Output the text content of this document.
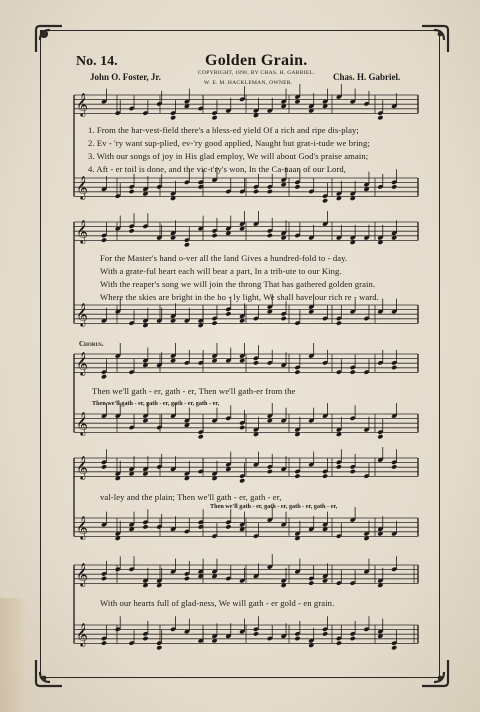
No. 14.	Golden Grain.
John O. Foster, Jr.	Chas. H. Gabriel.
COPYRIGHT, 1890, BY CHAS. H. GABRIEL.
W. E. M. HACKLEMAN, OWNER.
𝄞
𝄞
𝄞
𝄞
𝄞
𝄞
𝄞
𝄞
𝄞
𝄞
1. From the har-vest-field there's a bless-ed yield Of a rich and ripe dis-play;
2. Ev - 'ry want sup-plied, ev-'ry good applied, Naught but grat-i-tude we bring;
3. With our songs of joy in His glad employ, We will about God's praise amain;
4. Aft - er toil is done, and the vic-t'ry's won, In the Ca-naan of our Lord,
For the Master's hand o-ver all the land Gives a hundred-fold to - day.
With a grate-ful heart each will bear a part, In a trib-ute to our King.
With the reaper's song we will join the throng That has gathered golden grain.
Where the skies are bright in the ho - ly light, We shall have our rich re - ward.
Chorus.
Then we'll gath - er, gath - er, Then we'll gath-er from the
Then we'll gath - er, gath - er, gath - er, gath - er,
val-ley and the plain; Then we'll gath - er, gath - er,
Then we'll gath - er, gath - er, gath - er, gath - er,
With our hearts full of glad-ness, We will gath - er gold - en grain.
